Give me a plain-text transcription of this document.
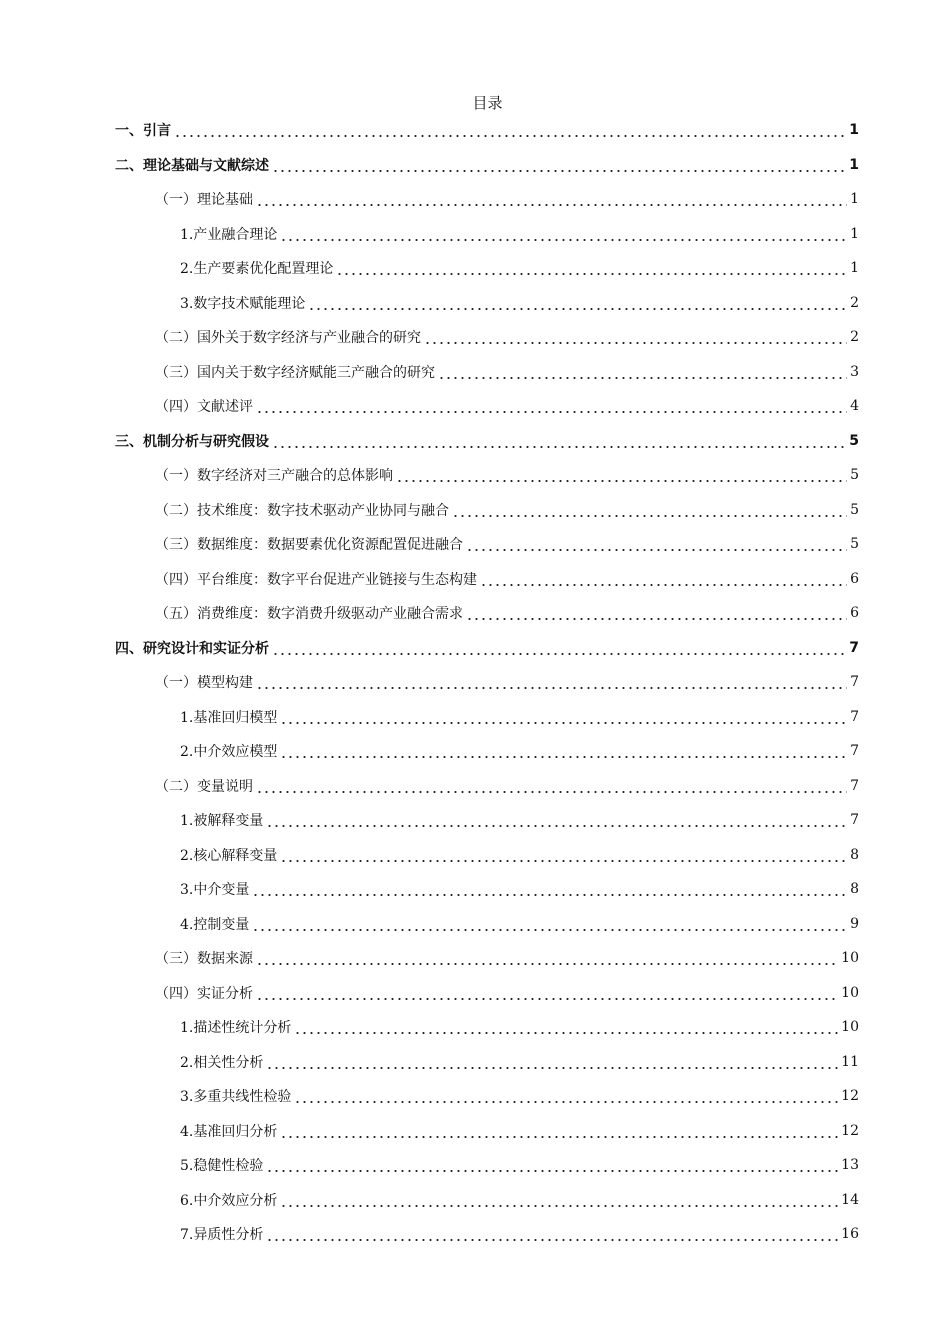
目录
一、引言	1
二、理论基础与文献综述	1
（一）理论基础	1
1.产业融合理论	1
2.生产要素优化配置理论	1
3.数字技术赋能理论	2
（二）国外关于数字经济与产业融合的研究	2
（三）国内关于数字经济赋能三产融合的研究	3
（四）文献述评	4
三、机制分析与研究假设	5
（一）数字经济对三产融合的总体影响	5
（二）技术维度：数字技术驱动产业协同与融合	5
（三）数据维度：数据要素优化资源配置促进融合	5
（四）平台维度：数字平台促进产业链接与生态构建	6
（五）消费维度：数字消费升级驱动产业融合需求	6
四、研究设计和实证分析	7
（一）模型构建	7
1.基准回归模型	7
2.中介效应模型	7
（二）变量说明	7
1.被解释变量	7
2.核心解释变量	8
3.中介变量	8
4.控制变量	9
（三）数据来源	10
（四）实证分析	10
1.描述性统计分析	10
2.相关性分析	11
3.多重共线性检验	12
4.基准回归分析	12
5.稳健性检验	13
6.中介效应分析	14
7.异质性分析	16
